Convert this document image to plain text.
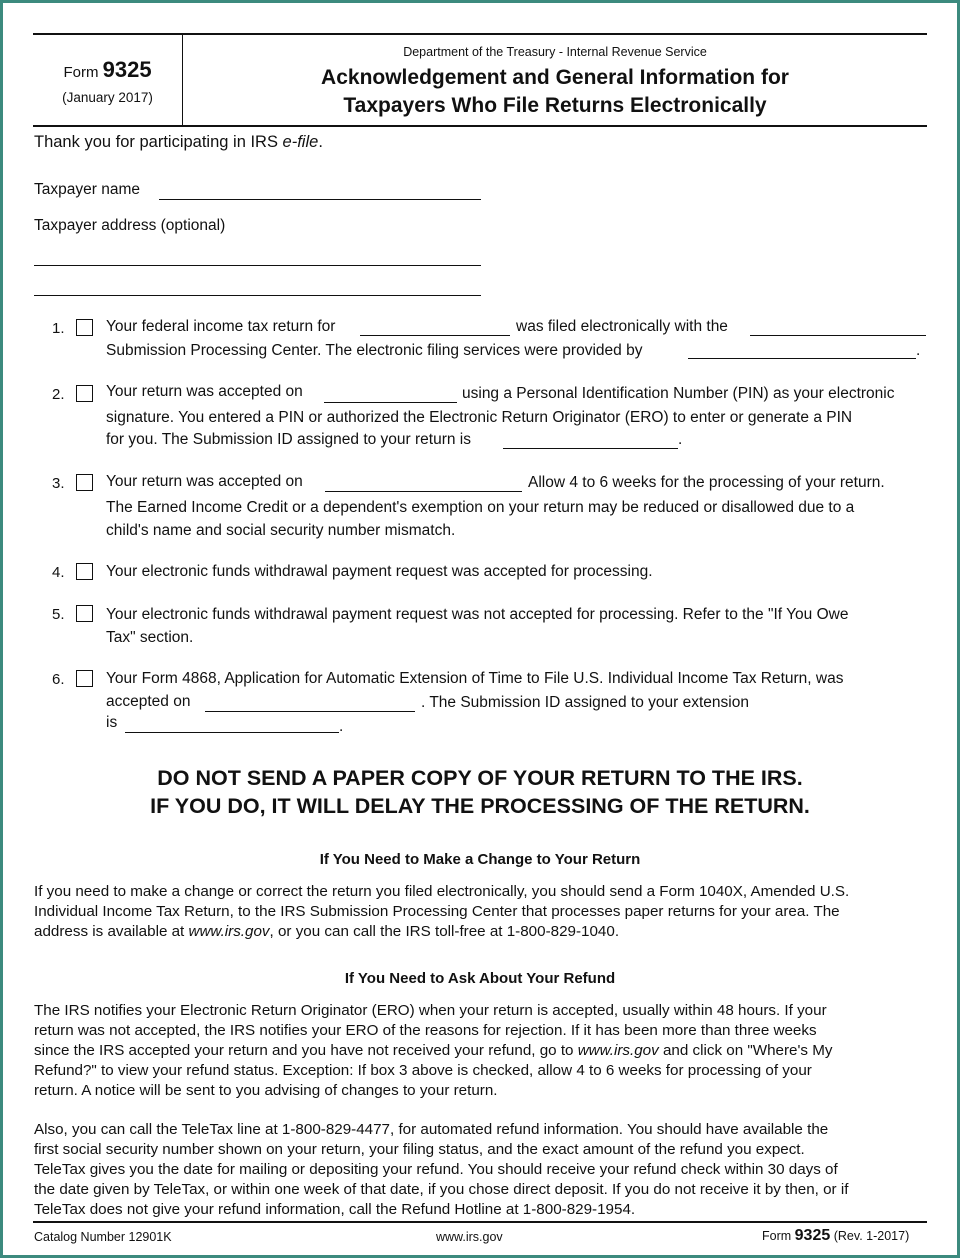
Form 9325
(January 2017)
Department of the Treasury - Internal Revenue Service
Acknowledgement and General Information for
Taxpayers Who File Returns Electronically
Thank you for participating in IRS e-file.
Taxpayer name
Taxpayer address (optional)
1.	Your federal income tax return for	was filed electronically with the
Submission Processing Center. The electronic filing services were provided by	.
2.	Your return was accepted on	using a Personal Identification Number (PIN) as your electronic
signature. You entered a PIN or authorized the Electronic Return Originator (ERO) to enter or generate a PIN
for you. The Submission ID assigned to your return is	.
3.	Your return was accepted on	Allow 4 to 6 weeks for the processing of your return.
The Earned Income Credit or a dependent's exemption on your return may be reduced or disallowed due to a
child's name and social security number mismatch.
4.	Your electronic funds withdrawal payment request was accepted for processing.
5.	Your electronic funds withdrawal payment request was not accepted for processing. Refer to the "If You Owe
Tax" section.
6.	Your Form 4868, Application for Automatic Extension of Time to File U.S. Individual Income Tax Return, was
accepted on	. The Submission ID assigned to your extension
is	.
DO NOT SEND A PAPER COPY OF YOUR RETURN TO THE IRS.
IF YOU DO, IT WILL DELAY THE PROCESSING OF THE RETURN.
If You Need to Make a Change to Your Return
If you need to make a change or correct the return you filed electronically, you should send a Form 1040X, Amended U.S.
Individual Income Tax Return, to the IRS Submission Processing Center that processes paper returns for your area. The
address is available at www.irs.gov, or you can call the IRS toll-free at 1-800-829-1040.
If You Need to Ask About Your Refund
The IRS notifies your Electronic Return Originator (ERO) when your return is accepted, usually within 48 hours. If your
return was not accepted, the IRS notifies your ERO of the reasons for rejection. If it has been more than three weeks
since the IRS accepted your return and you have not received your refund, go to www.irs.gov and click on "Where's My
Refund?" to view your refund status. Exception: If box 3 above is checked, allow 4 to 6 weeks for processing of your
return. A notice will be sent to you advising of changes to your return.
Also, you can call the TeleTax line at 1-800-829-4477, for automated refund information. You should have available the
first social security number shown on your return, your filing status, and the exact amount of the refund you expect.
TeleTax gives you the date for mailing or depositing your refund. You should receive your refund check within 30 days of
the date given by TeleTax, or within one week of that date, if you chose direct deposit. If you do not receive it by then, or if
TeleTax does not give your refund information, call the Refund Hotline at 1-800-829-1954.
Catalog Number 12901K	www.irs.gov	Form 9325 (Rev. 1-2017)
